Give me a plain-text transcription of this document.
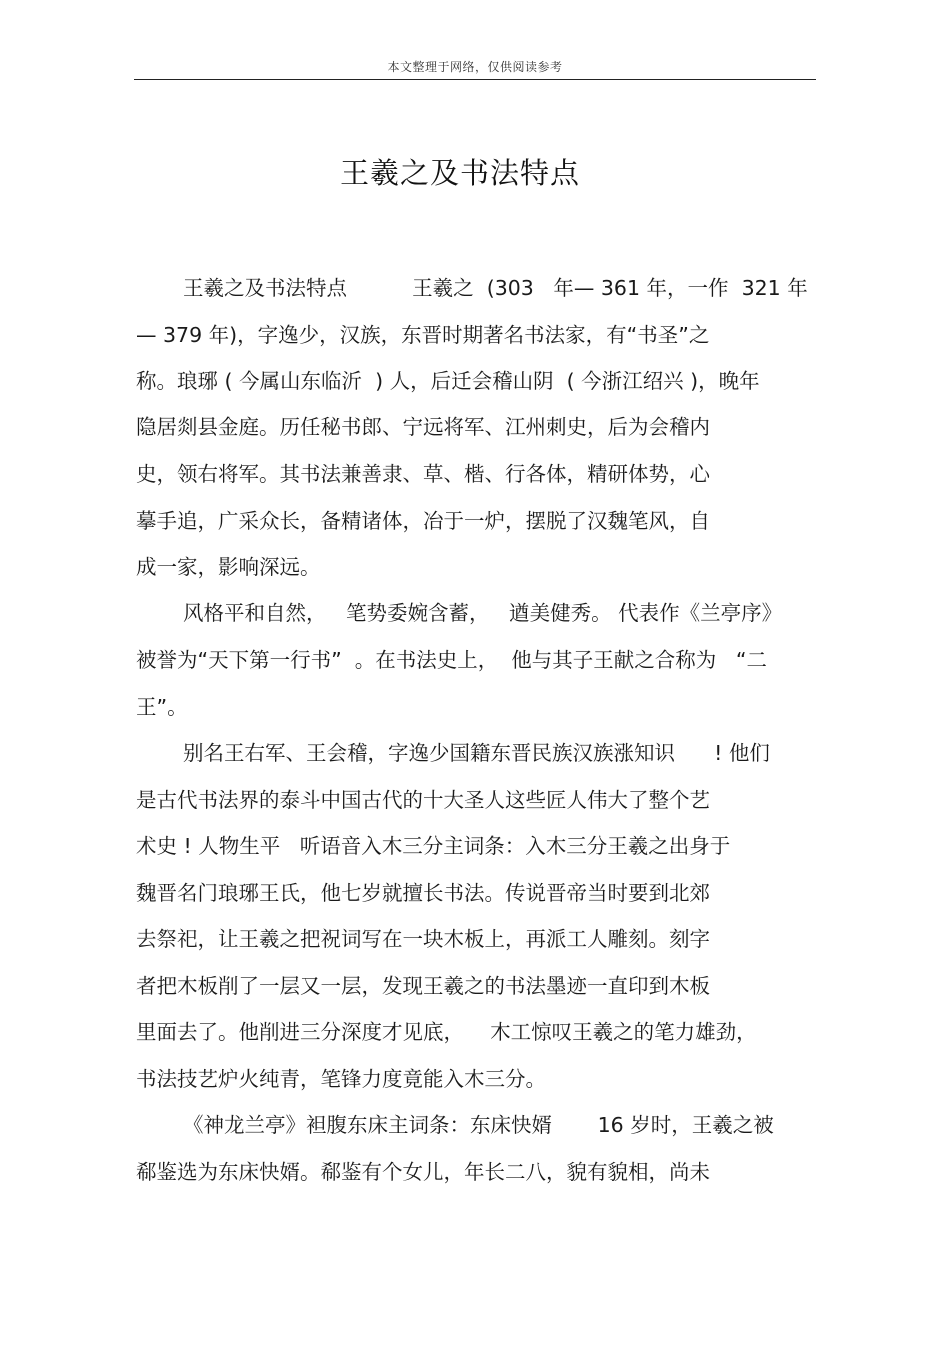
本文整理于网络，仅供阅读参考
王羲之及书法特点
王羲之及书法特点          王羲之  (303   年— 361 年，一作  321 年
— 379 年)，字逸少，汉族，东晋时期著名书法家，有“书圣”之
称。琅琊 ( 今属山东临沂  ) 人，后迁会稽山阴  ( 今浙江绍兴 )，晚年
隐居剡县金庭。历任秘书郎、宁远将军、江州刺史，后为会稽内
史，领右将军。其书法兼善隶、草、楷、行各体，精研体势，心
摹手追，广采众长，备精诸体，冶于一炉，摆脱了汉魏笔风，自
成一家，影响深远。
风格平和自然，   笔势委婉含蓄，   遒美健秀。 代表作《兰亭序》
被誉为“天下第一行书”  。在书法史上，  他与其子王献之合称为   “二
王”。
别名王右军、王会稽，字逸少国籍东晋民族汉族涨知识      ! 他们
是古代书法界的泰斗中国古代的十大圣人这些匠人伟大了整个艺
术史 ! 人物生平   听语音入木三分主词条：入木三分王羲之出身于
魏晋名门琅琊王氏，他七岁就擅长书法。传说晋帝当时要到北郊
去祭祀，让王羲之把祝词写在一块木板上，再派工人雕刻。刻字
者把木板削了一层又一层，发现王羲之的书法墨迹一直印到木板
里面去了。他削进三分深度才见底，    木工惊叹王羲之的笔力雄劲，
书法技艺炉火纯青，笔锋力度竟能入木三分。
《神龙兰亭》袒腹东床主词条：东床快婿       16 岁时，王羲之被
郗鉴选为东床快婿。郗鉴有个女儿，年长二八，貌有貌相，尚未
